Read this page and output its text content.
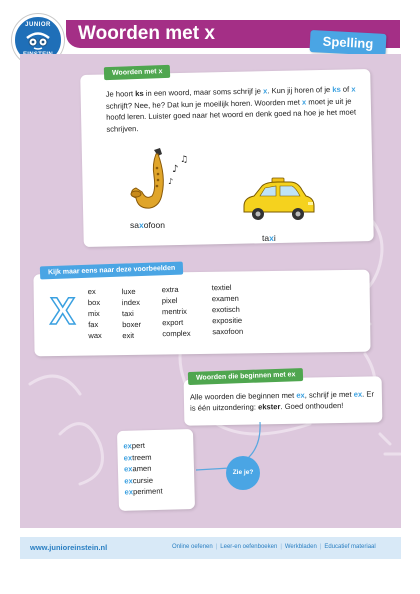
Woorden met x
JUNIOR
Spelling
Woorden met x
Je hoort ks in een woord, maar soms schrijf je x. Kun jij horen of je ks of x schrijft? Nee, he? Dat kun je moeilijk horen. Woorden met x moet je uit je hoofd leren. Luister goed naar het woord en denk goed na hoe je het moet schrijven.
♪
♫
♪
saxofoon
taxi
Kijk maar eens naar deze voorbeelden
X ex
box
mix
fax
wax
luxe
index
taxi
boxer
exit
extra
pixel
mentrix
export
complex
textiel
examen
exotisch
expositie
saxofoon
Woorden die beginnen met ex
Alle woorden die beginnen met ex, schrijf je met ex. Er is één uitzondering: ekster. Goed onthouden!
expert
extreem
examen
excursie
experiment
Zie je?
www.junioreinstein.nl	Online oefenen | Leer-en oefenboeken | Werkbladen | Educatief materiaal
